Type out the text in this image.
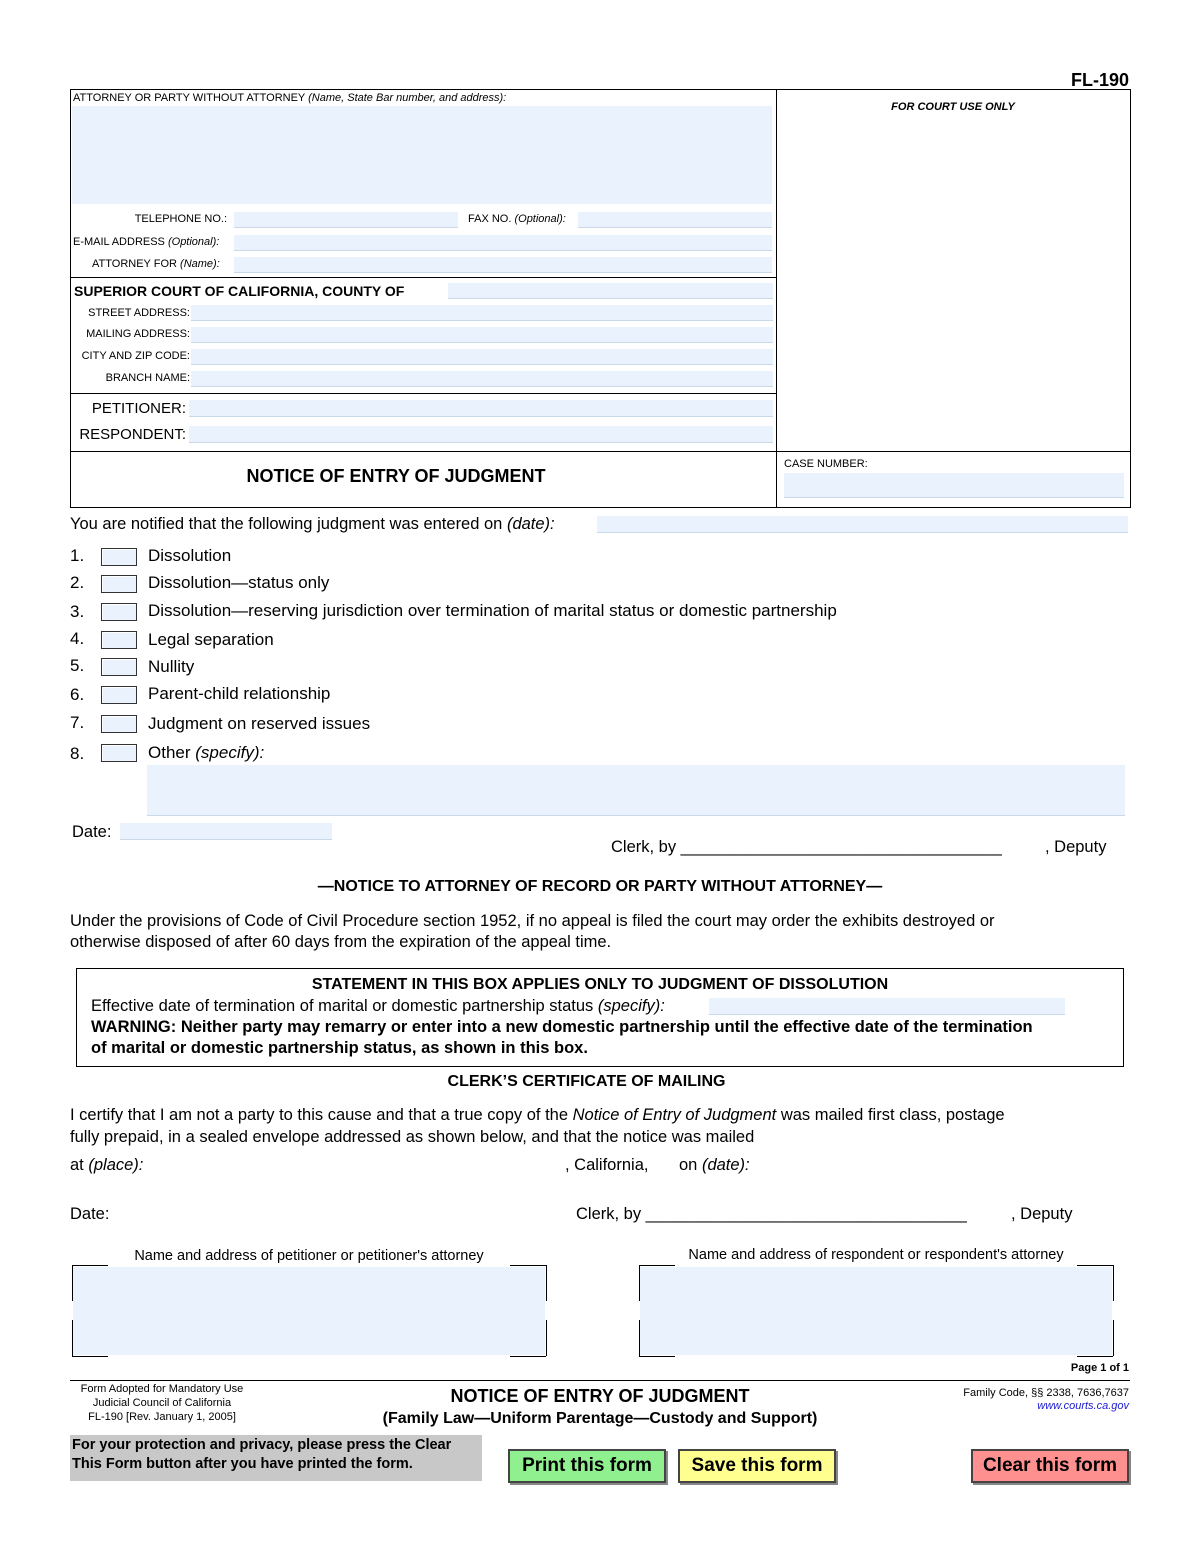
FL-190
ATTORNEY OR PARTY WITHOUT ATTORNEY (Name, State Bar number, and address):
TELEPHONE NO.:	FAX NO. (Optional):
E-MAIL ADDRESS (Optional):
ATTORNEY FOR (Name):
SUPERIOR COURT OF CALIFORNIA, COUNTY OF
STREET ADDRESS:
MAILING ADDRESS:
CITY AND ZIP CODE:
BRANCH NAME:
PETITIONER:
RESPONDENT:
FOR COURT USE ONLY
NOTICE OF ENTRY OF JUDGMENT
CASE NUMBER:
You are notified that the following judgment was entered on (date):
1.	Dissolution
2.	Dissolution—status only
3.	Dissolution—reserving jurisdiction over termination of marital status or domestic partnership
4.	Legal separation
5.	Nullity
6.	Parent-child relationship
7.	Judgment on reserved issues
8.	Other (specify):
Date:
Clerk, by ___________________________________	, Deputy
—NOTICE TO ATTORNEY OF RECORD OR PARTY WITHOUT ATTORNEY—
Under the provisions of Code of Civil Procedure section 1952, if no appeal is filed the court may order the exhibits destroyed or
otherwise disposed of after 60 days from the expiration of the appeal time.
STATEMENT IN THIS BOX APPLIES ONLY TO JUDGMENT OF DISSOLUTION
Effective date of termination of marital or domestic partnership status (specify):
WARNING: Neither party may remarry or enter into a new domestic partnership until the effective date of the termination
of marital or domestic partnership status, as shown in this box.
CLERK’S CERTIFICATE OF MAILING
I certify that I am not a party to this cause and that a true copy of the Notice of Entry of Judgment was mailed first class, postage
fully prepaid, in a sealed envelope addressed as shown below, and that the notice was mailed
at (place):	, California, on (date):
Date:	Clerk, by ___________________________________	, Deputy
Name and address of petitioner or petitioner's attorney	Name and address of respondent or respondent's attorney
Page 1 of 1
Form Adopted for Mandatory Use
Judicial Council of California
FL-190 [Rev. January 1, 2005]
NOTICE OF ENTRY OF JUDGMENT
(Family Law—Uniform Parentage—Custody and Support)
Family Code, §§ 2338, 7636,7637
www.courts.ca.gov
For your protection and privacy, please press the Clear
This Form button after you have printed the form.	Print this form	Save this form	Clear this form
